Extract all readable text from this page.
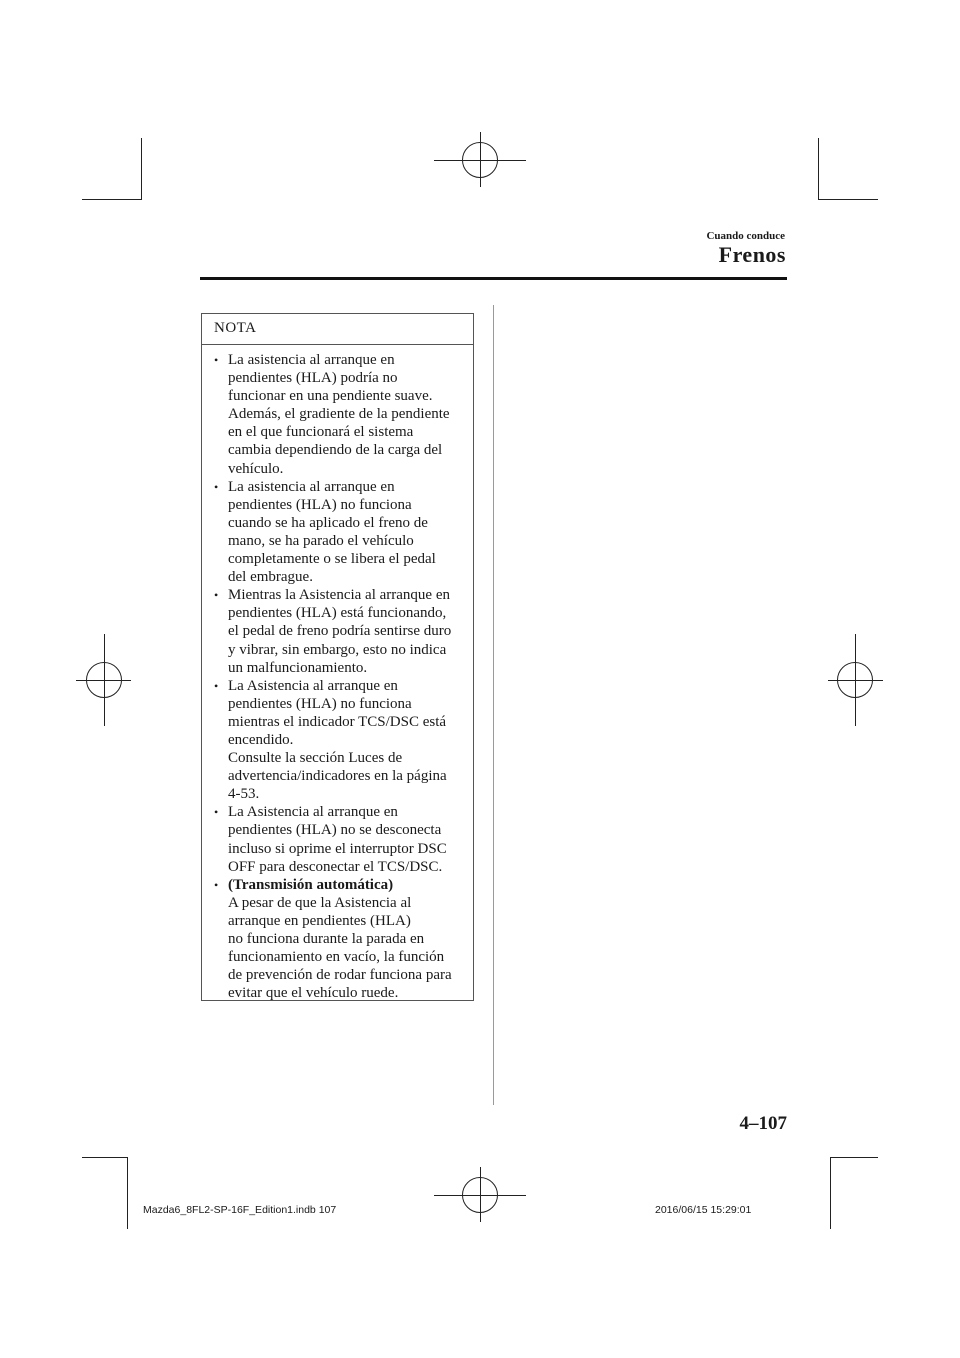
Cuando conduce
Frenos
NOTA
• La asistencia al arranque en
pendientes (HLA) podría no
funcionar en una pendiente suave.
Además, el gradiente de la pendiente
en el que funcionará el sistema
cambia dependiendo de la carga del
vehículo.
• La asistencia al arranque en
pendientes (HLA) no funciona
cuando se ha aplicado el freno de
mano, se ha parado el vehículo
completamente o se libera el pedal
del embrague.
• Mientras la Asistencia al arranque en
pendientes (HLA) está funcionando,
el pedal de freno podría sentirse duro
y vibrar, sin embargo, esto no indica
un malfuncionamiento.
• La Asistencia al arranque en
pendientes (HLA) no funciona
mientras el indicador TCS/DSC está
encendido.
Consulte la sección Luces de
advertencia/indicadores en la página
4-53.
• La Asistencia al arranque en
pendientes (HLA) no se desconecta
incluso si oprime el interruptor DSC
OFF para desconectar el TCS/DSC.
• (Transmisión automática)
A pesar de que la Asistencia al
arranque en pendientes (HLA)
no funciona durante la parada en
funcionamiento en vacío, la función
de prevención de rodar funciona para
evitar que el vehículo ruede.
4–107
Mazda6_8FL2-SP-16F_Edition1.indb 107	2016/06/15 15:29:01
